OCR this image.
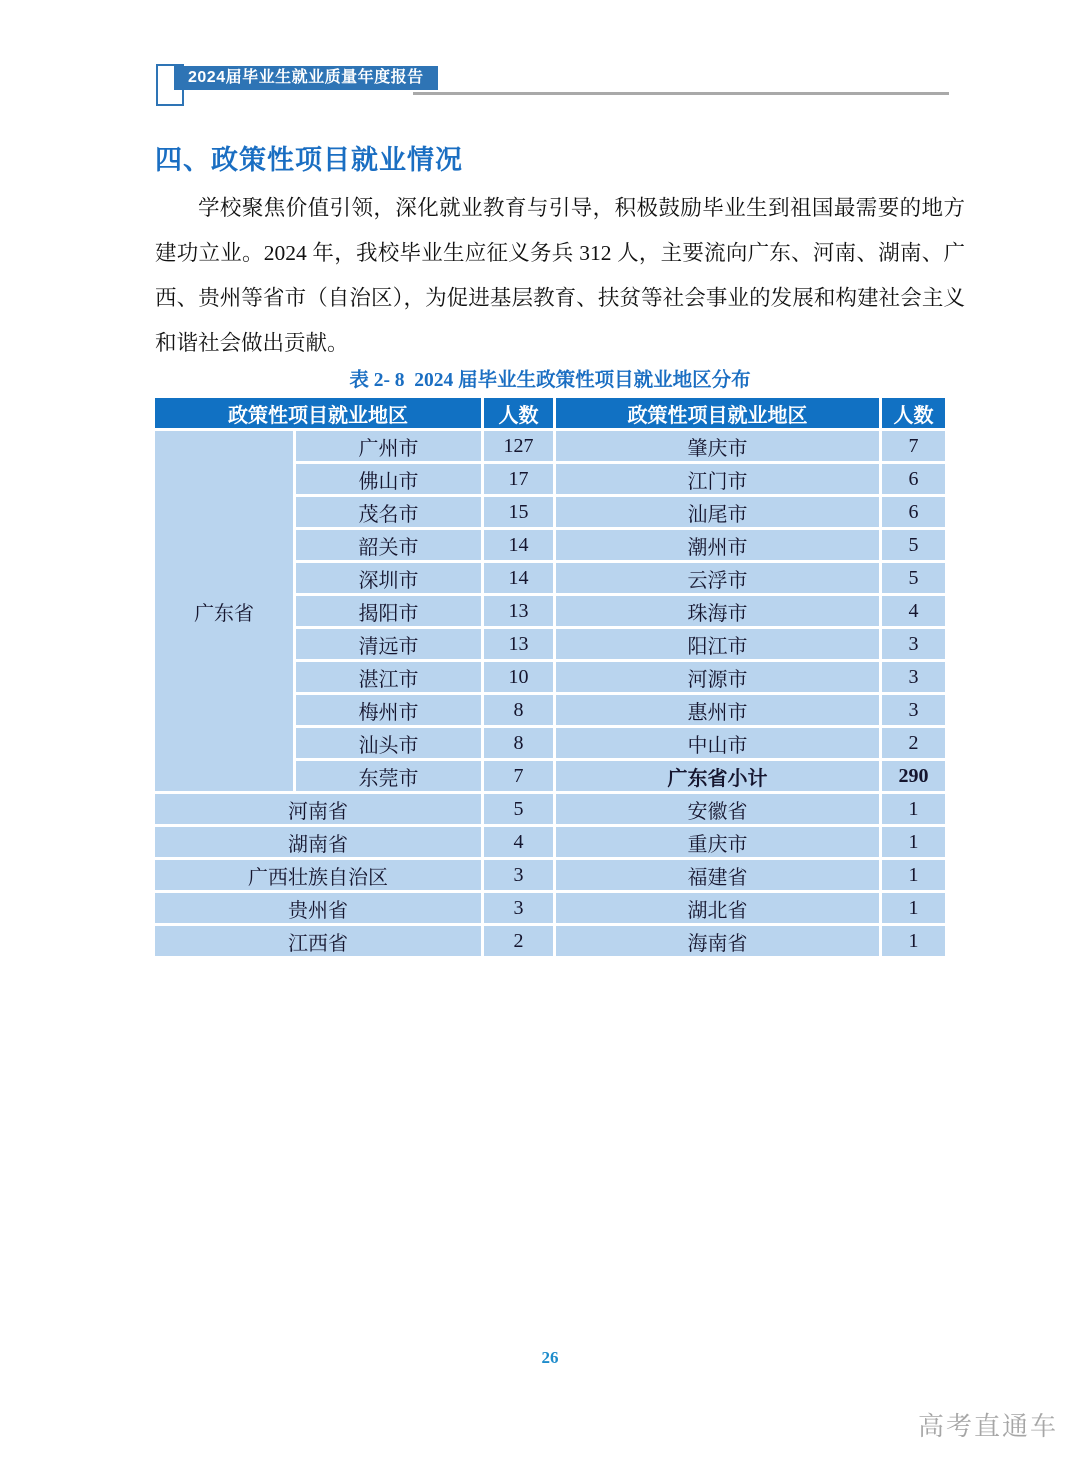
2024届毕业生就业质量年度报告
四、政策性项目就业情况

学校聚焦价值引领，深化就业教育与引导，积极鼓励毕业生到祖国最需要的地方建功立业。2024 年，我校毕业生应征义务兵 312 人，主要流向广东、河南、湖南、广西、贵州等省市（自治区），为促进基层教育、扶贫等社会事业的发展和构建社会主义和谐社会做出贡献。

表 2- 8  2024 届毕业生政策性项目就业地区分布
政策性项目就业地区		人数	政策性项目就业地区	人数
广东省	广州市	127	肇庆市	7
	佛山市	17	江门市	6
	茂名市	15	汕尾市	6
	韶关市	14	潮州市	5
	深圳市	14	云浮市	5
	揭阳市	13	珠海市	4
	清远市	13	阳江市	3
	湛江市	10	河源市	3
	梅州市	8	惠州市	3
	汕头市	8	中山市	2
	东莞市	7	广东省小计	290
河南省		5	安徽省	1
湖南省		4	重庆市	1
广西壮族自治区		3	福建省	1
贵州省		3	湖北省	1
江西省		2	海南省	1
26
高考直通车
